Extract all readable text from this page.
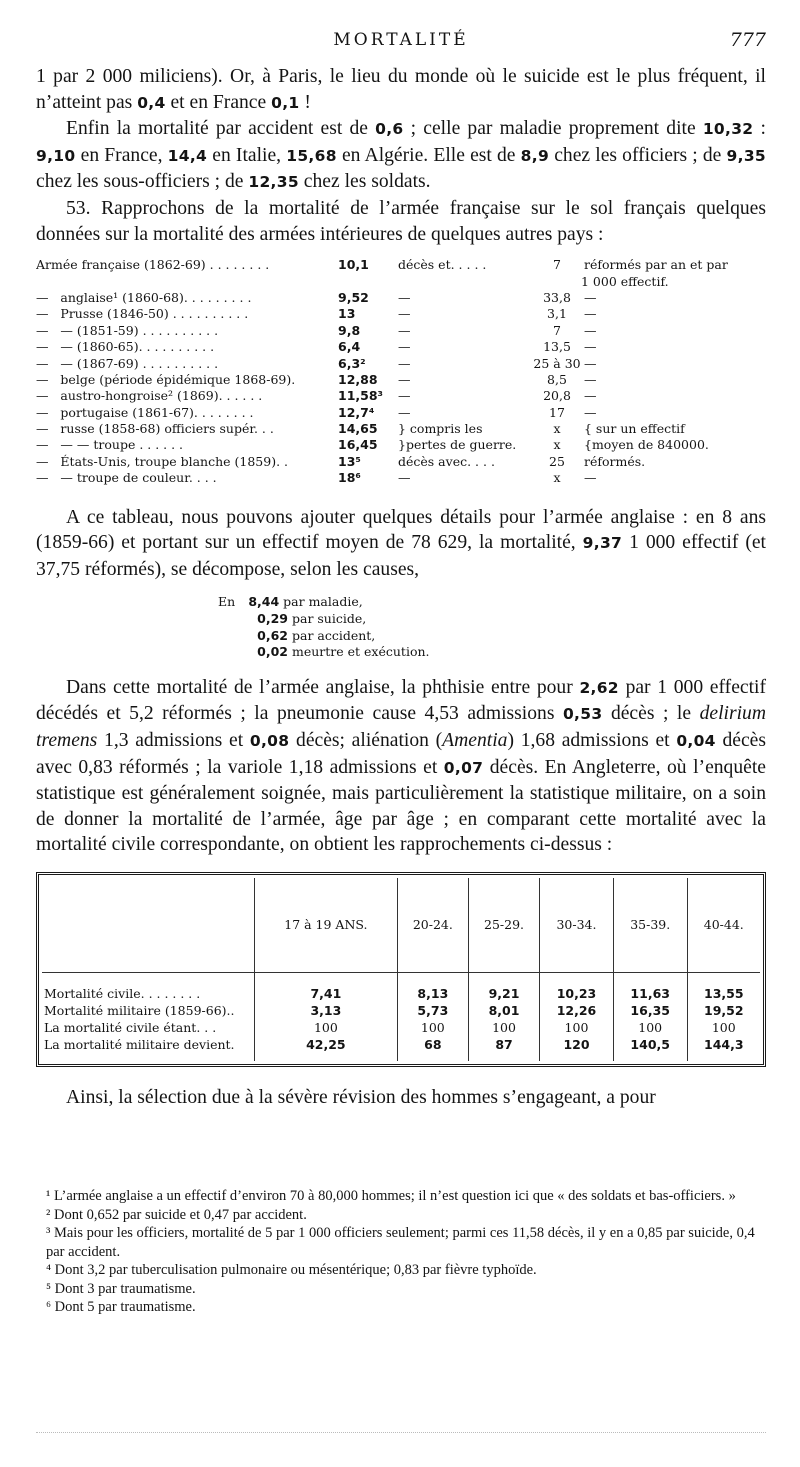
MORTALITÉ	777

1 par 2 000 miliciens). Or, à Paris, le lieu du monde où le suicide est le plus fréquent, il n’atteint pas 0,4 et en France 0,1 !

Enfin la mortalité par accident est de 0,6 ; celle par maladie proprement dite 10,32 : 9,10 en France, 14,4 en Italie, 15,68 en Algérie. Elle est de 8,9 chez les officiers ; de 9,35 chez les sous-officiers ; de 12,35 chez les soldats.

53. Rapprochons de la mortalité de l’armée française sur le sol français quelques données sur la mortalité des armées intérieures de quelques autres pays :

Armée française (1862-69) . . . . . . . .	10,1	décès et. . . . .	7	réformés par an et par
1 000 effectif.
— anglaise¹ (1860-68). . . . . . . . .	9,52	—	33,8	—
— Prusse (1846-50) . . . . . . . . . .	13	—	3,1	—
— — (1851-59) . . . . . . . . . .	9,8	—	7	—
— — (1860-65). . . . . . . . . .	6,4	—	13,5	—
— — (1867-69) . . . . . . . . . .	6,3²	—	25 à 30 —
— belge (période épidémique 1868-69).	12,88	—	8,5	—
— austro-hongroise² (1869). . . . . .	11,58³	—	20,8	—
— portugaise (1861-67). . . . . . . .	12,7⁴	—	17	—
— russe (1858-68) officiers supér. . .	14,65	} compris les	x	{ sur un effectif
— — — troupe . . . . . .	16,45	}pertes de guerre.	x	{moyen de 840000.
— États-Unis, troupe blanche (1859). .	13⁵	décès avec. . . .	25	réformés.
— — troupe de couleur. . . .	18⁶	—	x	—

A ce tableau, nous pouvons ajouter quelques détails pour l’armée anglaise : en 8 ans (1859-66) et portant sur un effectif moyen de 78 629, la mortalité, 9,37 1 000 effectif (et 37,75 réformés), se décompose, selon les causes,

En 8,44 par maladie,
0,29 par suicide,
0,62 par accident,
0,02 meurtre et exécution.

Dans cette mortalité de l’armée anglaise, la phthisie entre pour 2,62 par 1 000 effectif décédés et 5,2 réformés ; la pneumonie cause 4,53 admissions 0,53 décès ; le delirium tremens 1,3 admissions et 0,08 décès; aliénation (Amentia) 1,68 admissions et 0,04 décès avec 0,83 réformés ; la variole 1,18 admissions et 0,07 décès. En Angleterre, où l’enquête statistique est généralement soignée, mais particulièrement la statistique militaire, on a soin de donner la mortalité de l’armée, âge par âge ; en comparant cette mortalité avec la mortalité civile correspondante, on obtient les rapprochements ci-dessus :

	17 à 19 ANS.	20-24.	25-29.	30-34.	35-39.	40-44.
Mortalité civile. . . . . . . .	7,41	8,13	9,21	10,23	11,63	13,55
Mortalité militaire (1859-66)..	3,13	5,73	8,01	12,26	16,35	19,52
La mortalité civile étant. . .	100	100	100	100	100	100
La mortalité militaire devient.	42,25	68	87	120	140,5	144,3

Ainsi, la sélection due à la sévère révision des hommes s’engageant, a pour

¹ L’armée anglaise a un effectif d’environ 70 à 80,000 hommes; il n’est question ici que « des soldats et bas-officiers. »

² Dont 0,652 par suicide et 0,47 par accident.

³ Mais pour les officiers, mortalité de 5 par 1 000 officiers seulement; parmi ces 11,58 décès, il y en a 0,85 par suicide, 0,4 par accident.

⁴ Dont 3,2 par tuberculisation pulmonaire ou mésentérique; 0,83 par fièvre typhoïde.

⁵ Dont 3 par traumatisme.

⁶ Dont 5 par traumatisme.
